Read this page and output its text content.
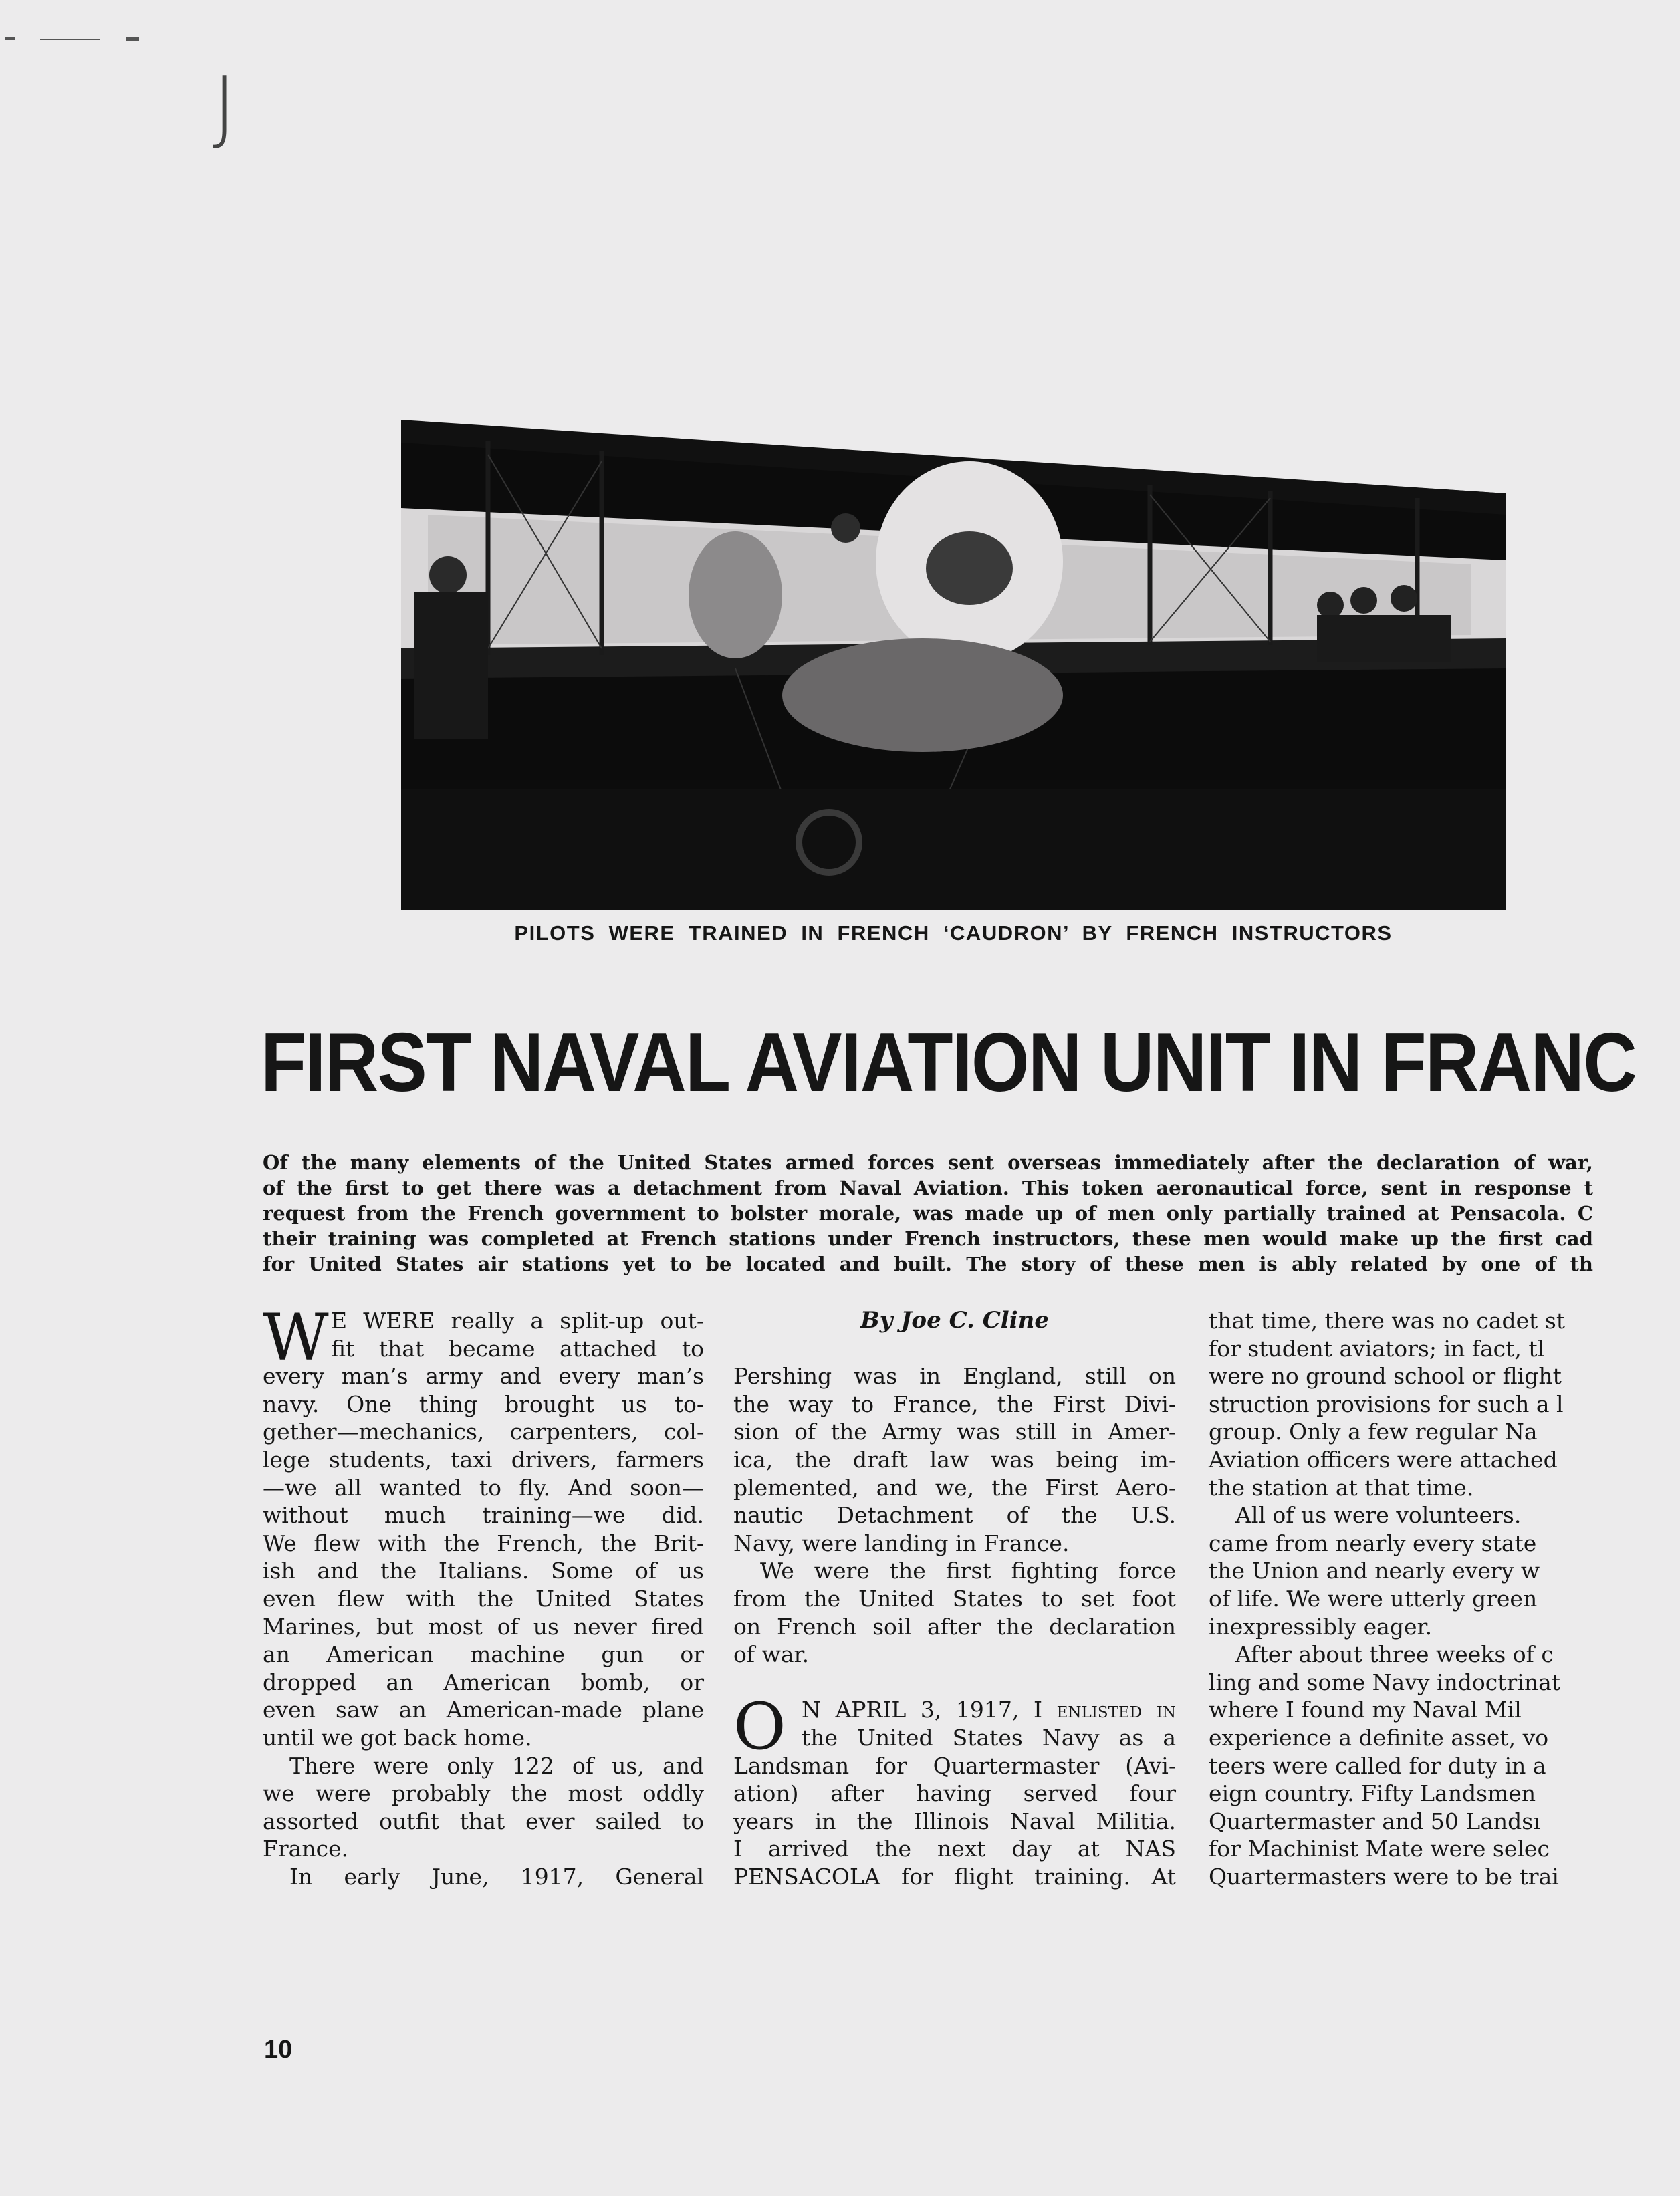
J
PILOTS  WERE  TRAINED  IN  FRENCH  ‘CAUDRON’  BY  FRENCH  INSTRUCTORS
FIRST NAVAL AVIATION UNIT IN FRANC
Of the many elements of the United States armed forces sent overseas immediately after the declaration of war,
of the first to get there was a detachment from Naval Aviation. This token aeronautical force, sent in response t
request from the French government to bolster morale, was made up of men only partially trained at Pensacola. C
their training was completed at French stations under French instructors, these men would make up the first cad
for United States air stations yet to be located and built. The story of these men is ably related by one of th
W E WERE really a split-up out-
fit that became attached to
every man’s army and every man’s
navy. One thing brought us to-
gether—mechanics, carpenters, col-
lege students, taxi drivers, farmers
—we all wanted to fly. And soon—
without much training—we did.
We flew with the French, the Brit-
ish and the Italians. Some of us
even flew with the United States
Marines, but most of us never fired
an American machine gun or
dropped an American bomb, or
even saw an American-made plane
until we got back home.
There were only 122 of us, and
we were probably the most oddly
assorted outfit that ever sailed to
France.
In early June, 1917, General
By Joe C. Cline
Pershing was in England, still on
the way to France, the First Divi-
sion of the Army was still in Amer-
ica, the draft law was being im-
plemented, and we, the First Aero-
nautic Detachment of the U.S.
Navy, were landing in France.
We were the first fighting force
from the United States to set foot
on French soil after the declaration
of war.
O N APRIL 3, 1917, I enlisted in
the United States Navy as a
Landsman for Quartermaster (Avi-
ation) after having served four
years in the Illinois Naval Militia.
I arrived the next day at NAS
PENSACOLA for flight training. At
that time, there was no cadet st
for student aviators; in fact, tl
were no ground school or flight
struction provisions for such a l
group. Only a few regular Na
Aviation officers were attached
the station at that time.
All of us were volunteers.
came from nearly every state
the Union and nearly every w
of life. We were utterly green
inexpressibly eager.
After about three weeks of c
ling and some Navy indoctrinat
where I found my Naval Mil
experience a definite asset, vo
teers were called for duty in a
eign country. Fifty Landsmen
Quartermaster and 50 Landsı
for Machinist Mate were selec
Quartermasters were to be trai
10
